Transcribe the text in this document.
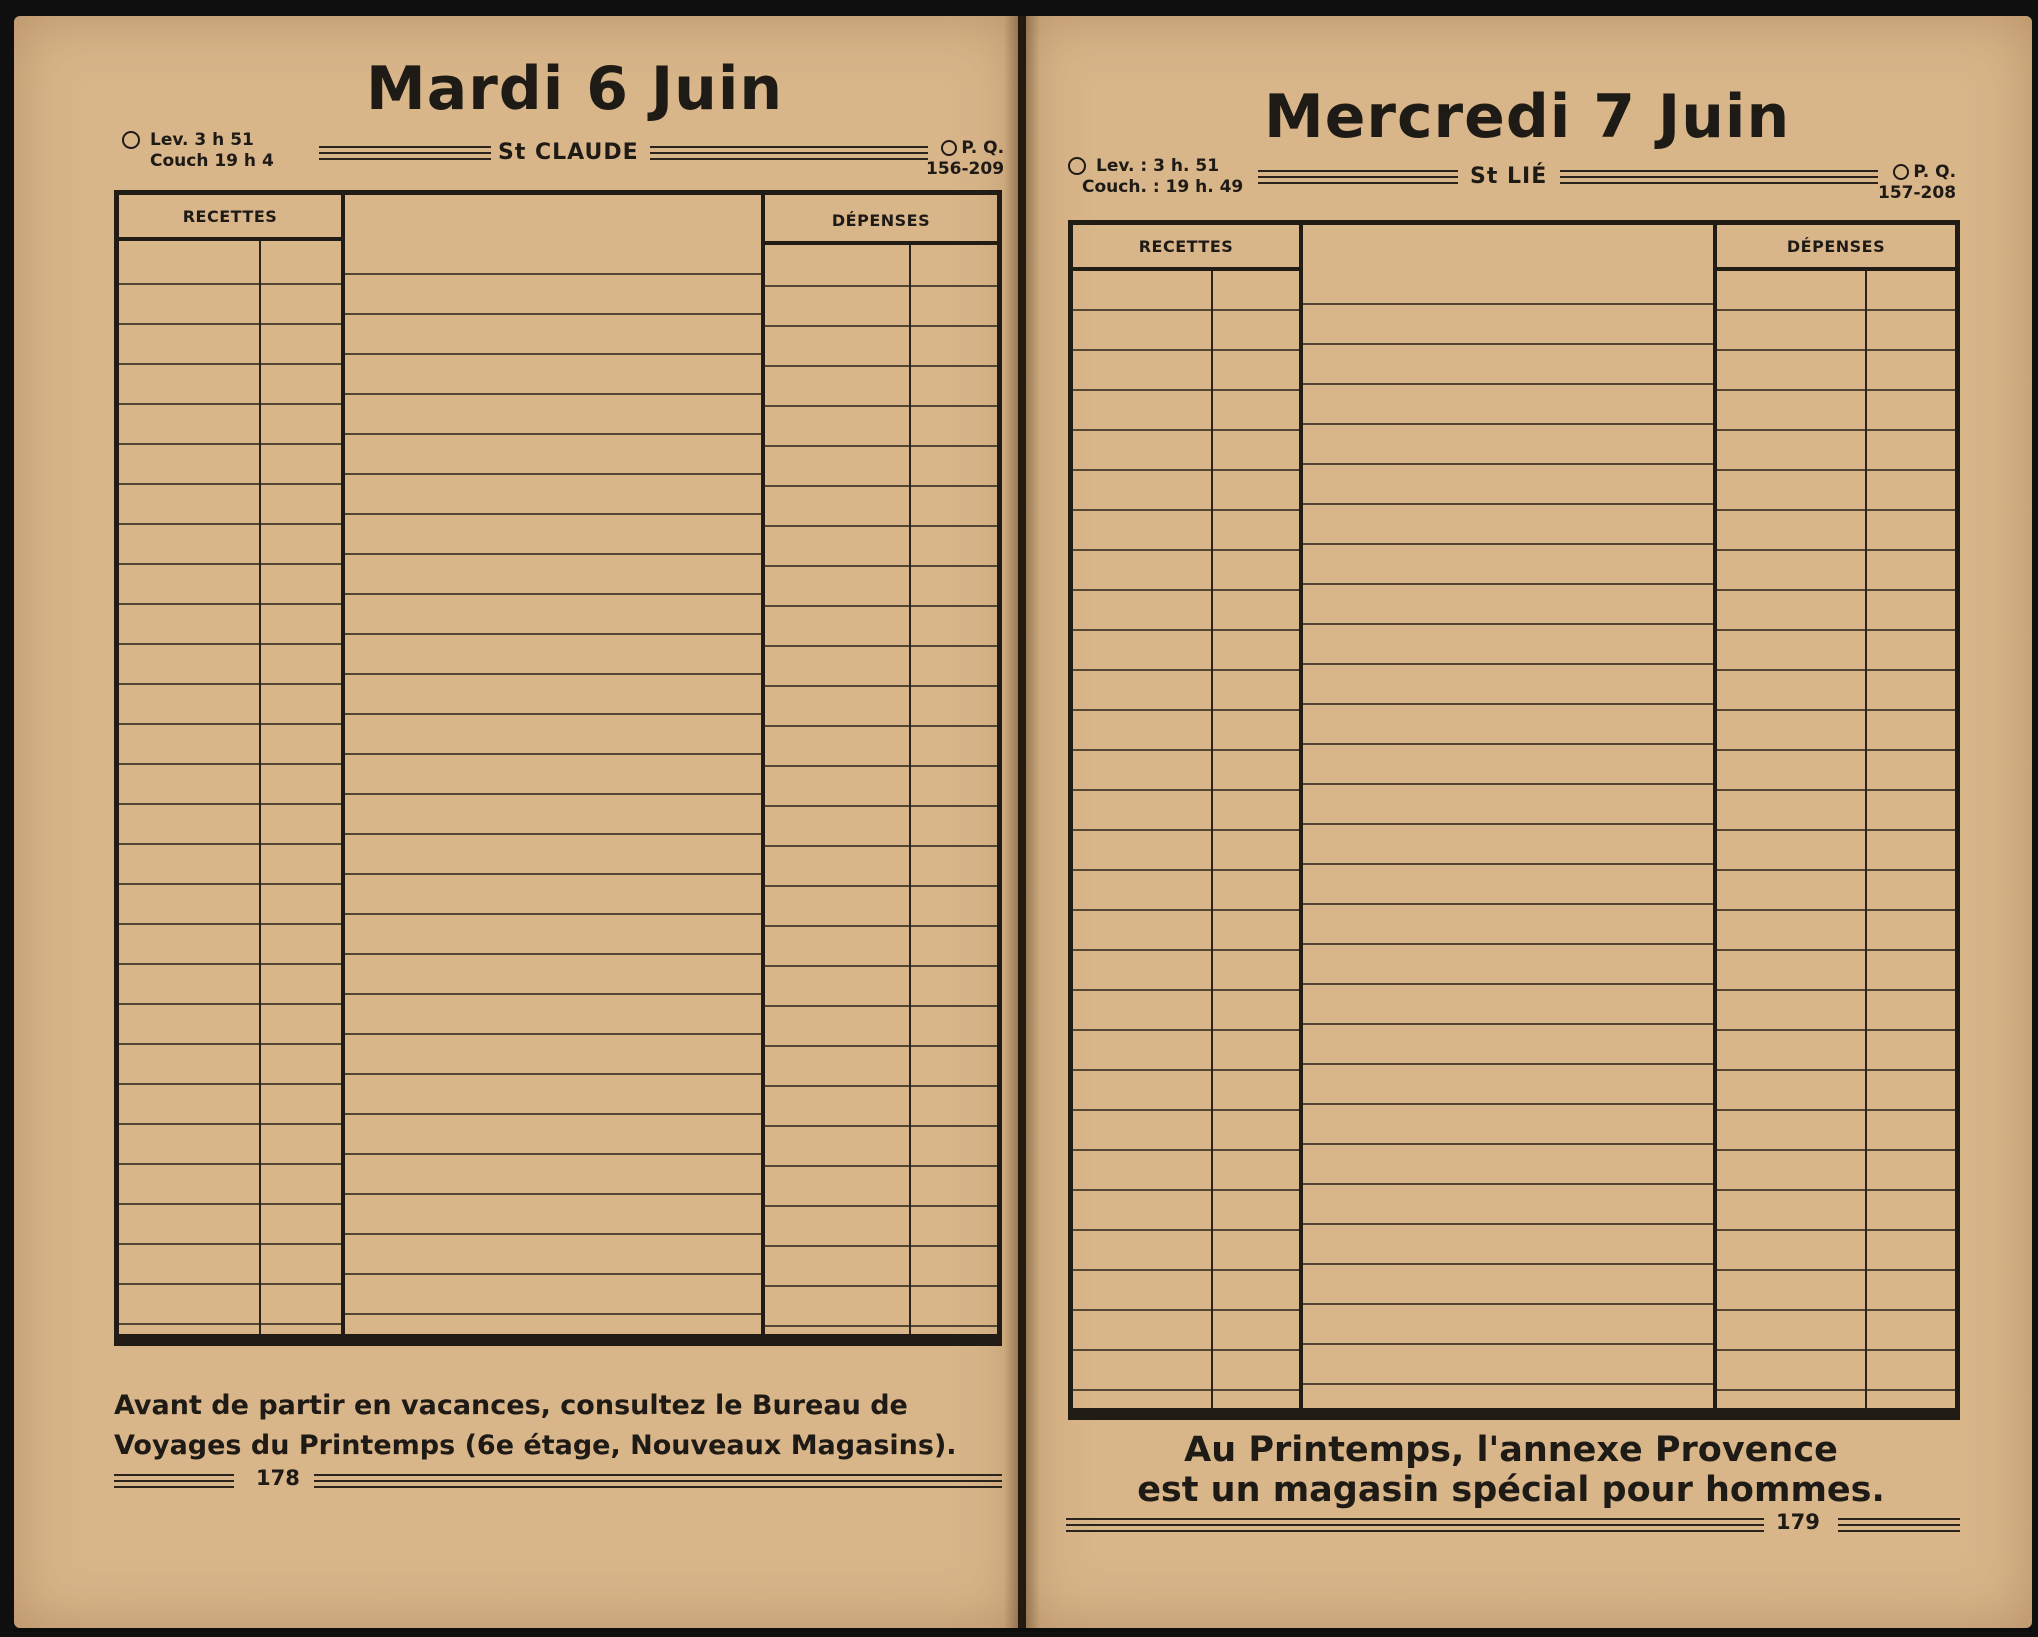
Mardi 6 Juin
Lev. 3 h 51
Couch 19 h 4	St CLAUDE	P. Q.
156-209
RECETTES	DÉPENSES
Avant de partir en vacances, consultez le Bureau de
Voyages du Printemps (6e étage, Nouveaux Magasins).
178
Mercredi 7 Juin
Lev. : 3 h. 51
Couch. : 19 h. 49	St LIÉ	P. Q.
157-208
RECETTES	DÉPENSES
Au Printemps, l'annexe Provence
est un magasin spécial pour hommes.
179
